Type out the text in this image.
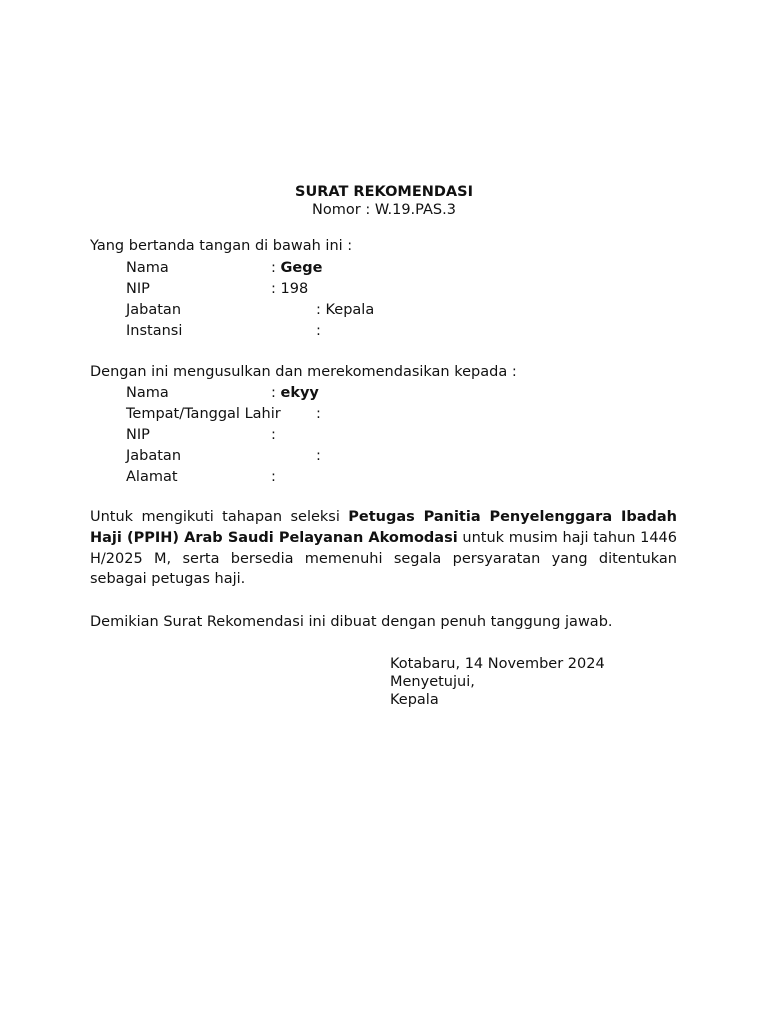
SURAT REKOMENDASI
Nomor : W.19.PAS.3
Yang bertanda tangan di bawah ini :
Nama	: Gege
NIP	: 198
Jabatan	: Kepala
Instansi	:
Dengan ini mengusulkan dan merekomendasikan kepada :
Nama	: ekyy
Tempat/Tanggal Lahir :
NIP	:
Jabatan	:
Alamat	:
Untuk mengikuti tahapan seleksi Petugas Panitia Penyelenggara Ibadah Haji (PPIH) Arab Saudi Pelayanan Akomodasi untuk musim haji tahun 1446 H/2025 M, serta bersedia memenuhi segala persyaratan yang ditentukan sebagai petugas haji.
Demikian Surat Rekomendasi ini dibuat dengan penuh tanggung jawab.
Kotabaru, 14 November 2024
Menyetujui,
Kepala
